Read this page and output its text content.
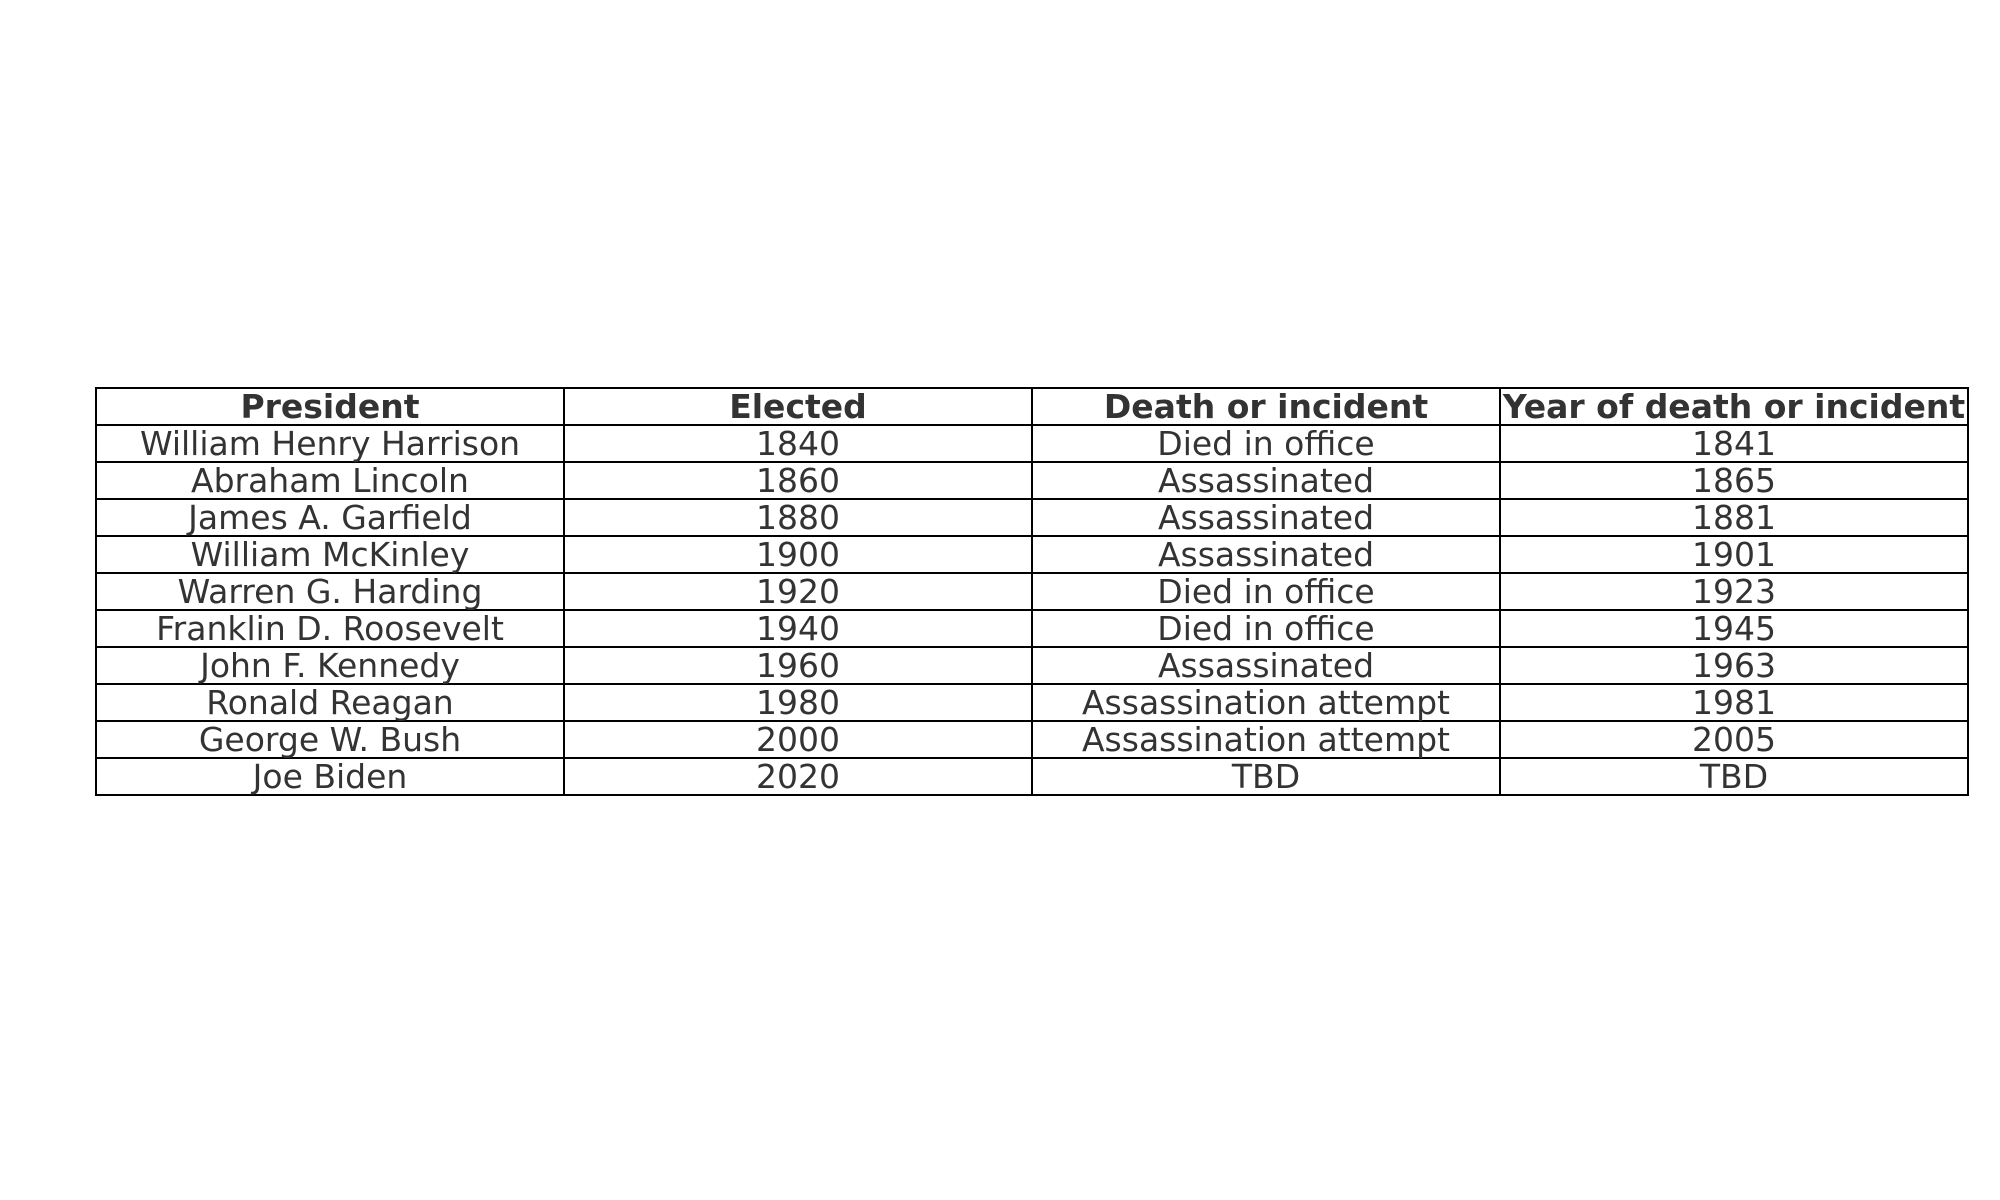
President	Elected	Death or incident	Year of death or incident
William Henry Harrison	1840	Died in office	1841
Abraham Lincoln	1860	Assassinated	1865
James A. Garfield	1880	Assassinated	1881
William McKinley	1900	Assassinated	1901
Warren G. Harding	1920	Died in office	1923
Franklin D. Roosevelt	1940	Died in office	1945
John F. Kennedy	1960	Assassinated	1963
Ronald Reagan	1980	Assassination attempt	1981
George W. Bush	2000	Assassination attempt	2005
Joe Biden	2020	TBD	TBD
